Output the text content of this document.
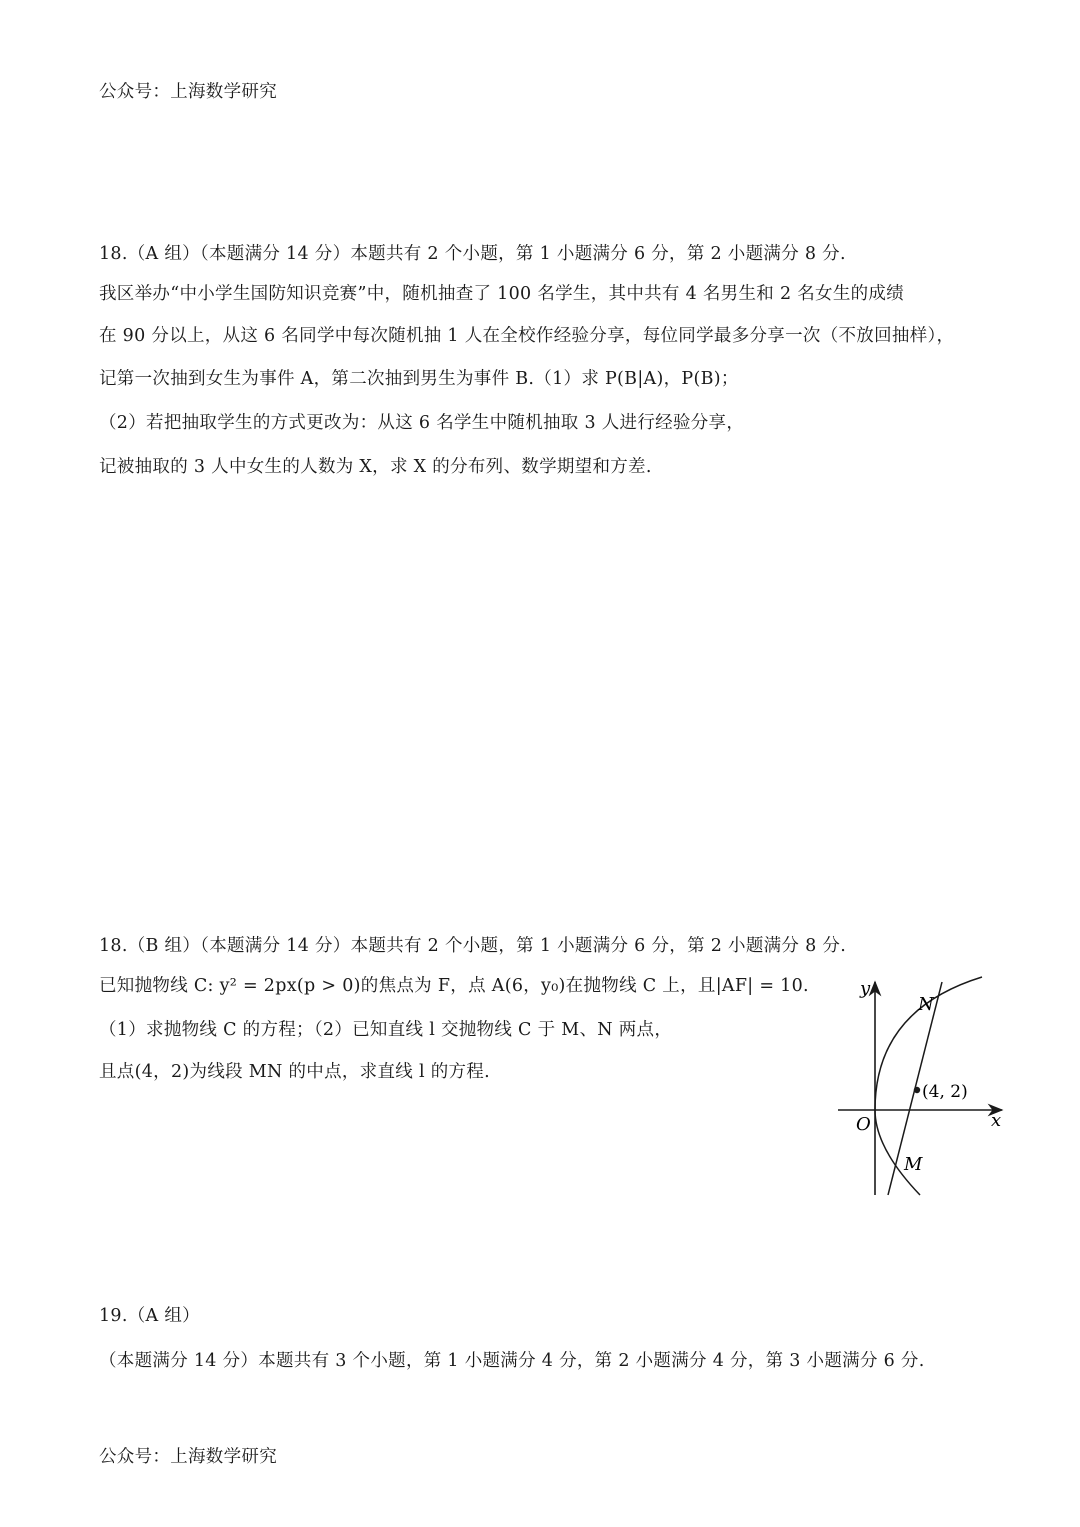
公众号：上海数学研究
18.（A 组）（本题满分 14 分）本题共有 2 个小题，第 1 小题满分 6 分，第 2 小题满分 8 分.
我区举办“中小学生国防知识竞赛”中，随机抽查了 100 名学生，其中共有 4 名男生和 2 名女生的成绩
在 90 分以上，从这 6 名同学中每次随机抽 1 人在全校作经验分享，每位同学最多分享一次（不放回抽样），
记第一次抽到女生为事件 A，第二次抽到男生为事件 B.（1）求 P(B|A)，P(B)；
（2）若把抽取学生的方式更改为：从这 6 名学生中随机抽取 3 人进行经验分享，
记被抽取的 3 人中女生的人数为 X，求 X 的分布列、数学期望和方差.
18.（B 组）（本题满分 14 分）本题共有 2 个小题，第 1 小题满分 6 分，第 2 小题满分 8 分.
已知抛物线 C: y² = 2px(p > 0)的焦点为 F，点 A(6，y₀)在抛物线 C 上，且|AF| = 10.
（1）求抛物线 C 的方程；（2）已知直线 l 交抛物线 C 于 M、N 两点，
且点(4，2)为线段 MN 的中点，求直线 l 的方程.
y
x
O
N
M
(4, 2)
19.（A 组）
（本题满分 14 分）本题共有 3 个小题，第 1 小题满分 4 分，第 2 小题满分 4 分，第 3 小题满分 6 分.
公众号：上海数学研究
